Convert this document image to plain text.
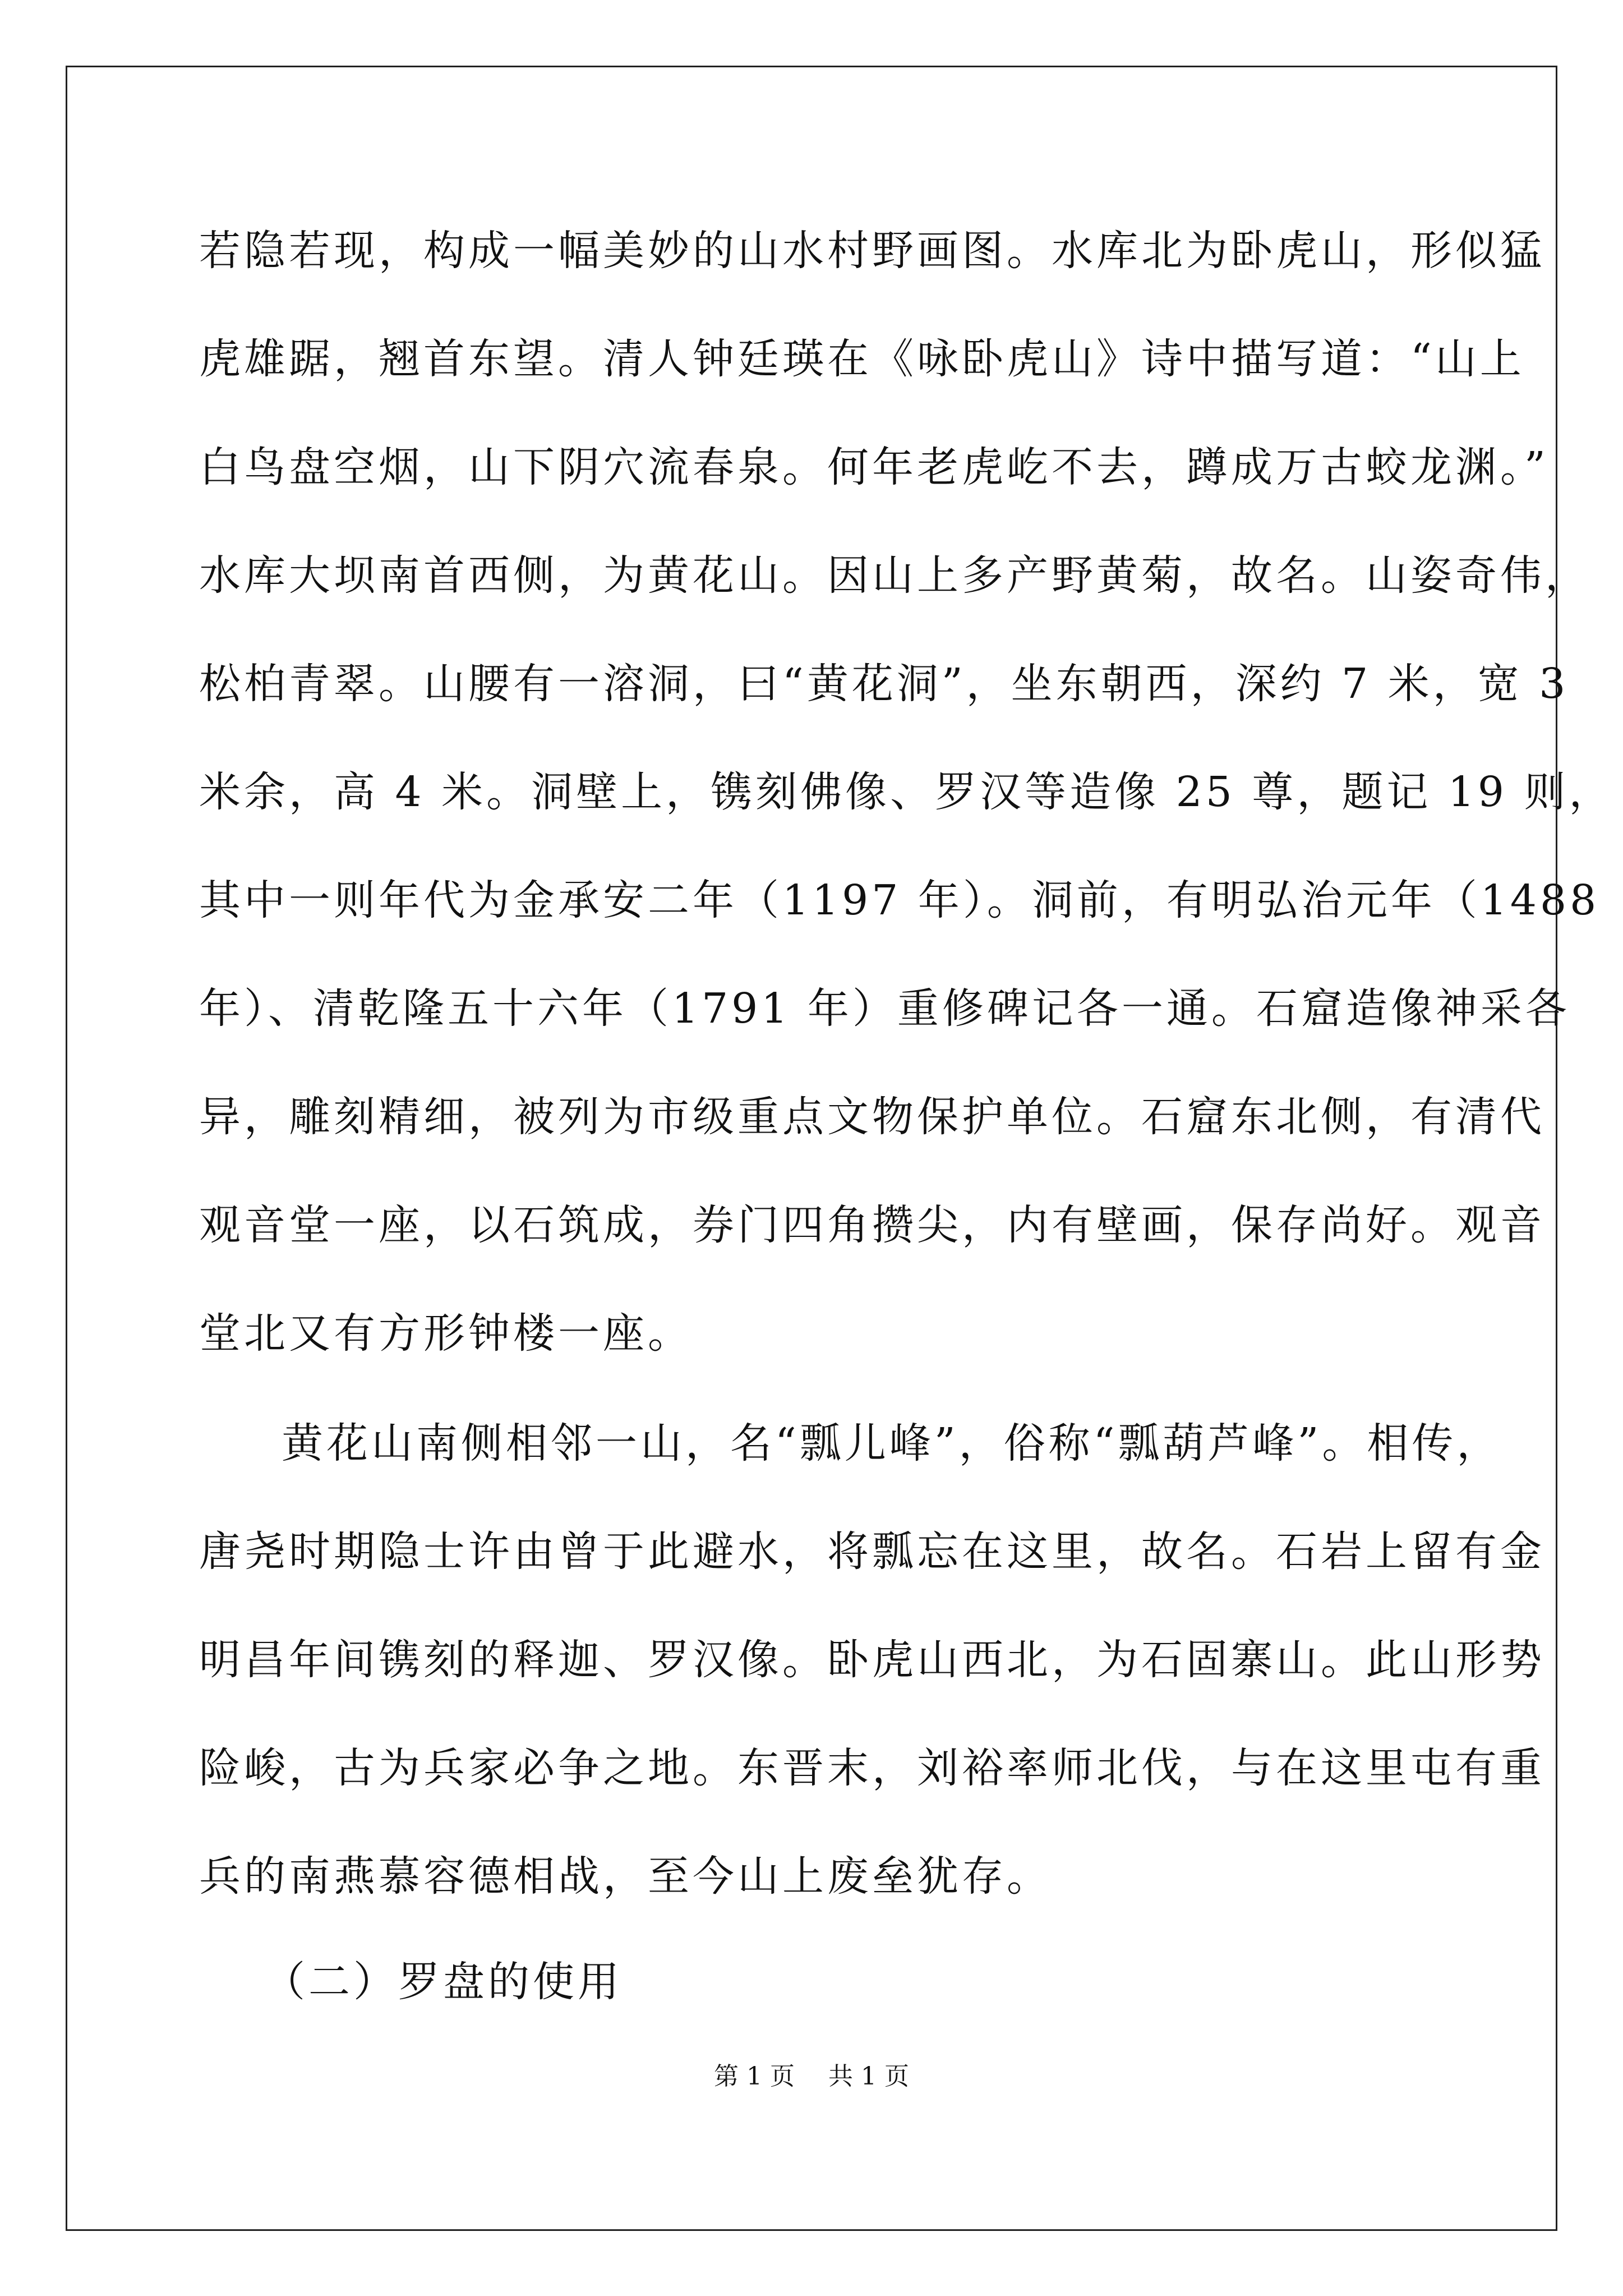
若隐若现，构成一幅美妙的山水村野画图。水库北为卧虎山，形似猛
虎雄踞，翘首东望。清人钟廷瑛在《咏卧虎山》诗中描写道：“山上
白鸟盘空烟，山下阴穴流春泉。何年老虎屹不去，蹲成万古蛟龙渊。”
水库大坝南首西侧，为黄花山。因山上多产野黄菊，故名。山姿奇伟，
松柏青翠。山腰有一溶洞，曰“黄花洞”，坐东朝西，深约 7 米，宽 3
米余，高 4 米。洞壁上，镌刻佛像、罗汉等造像 25 尊，题记 19 则，
其中一则年代为金承安二年（1197 年）。洞前，有明弘治元年（1488
年）、清乾隆五十六年（1791 年）重修碑记各一通。石窟造像神采各
异，雕刻精细，被列为市级重点文物保护单位。石窟东北侧，有清代
观音堂一座，以石筑成，券门四角攒尖，内有壁画，保存尚好。观音
堂北又有方形钟楼一座。
黄花山南侧相邻一山，名“瓢儿峰”，俗称“瓢葫芦峰”。相传，
唐尧时期隐士许由曾于此避水，将瓢忘在这里，故名。石岩上留有金
明昌年间镌刻的释迦、罗汉像。卧虎山西北，为石固寨山。此山形势
险峻，古为兵家必争之地。东晋末，刘裕率师北伐，与在这里屯有重
兵的南燕慕容德相战，至今山上废垒犹存。
（二）罗盘的使用
第 1 页 共 1 页
